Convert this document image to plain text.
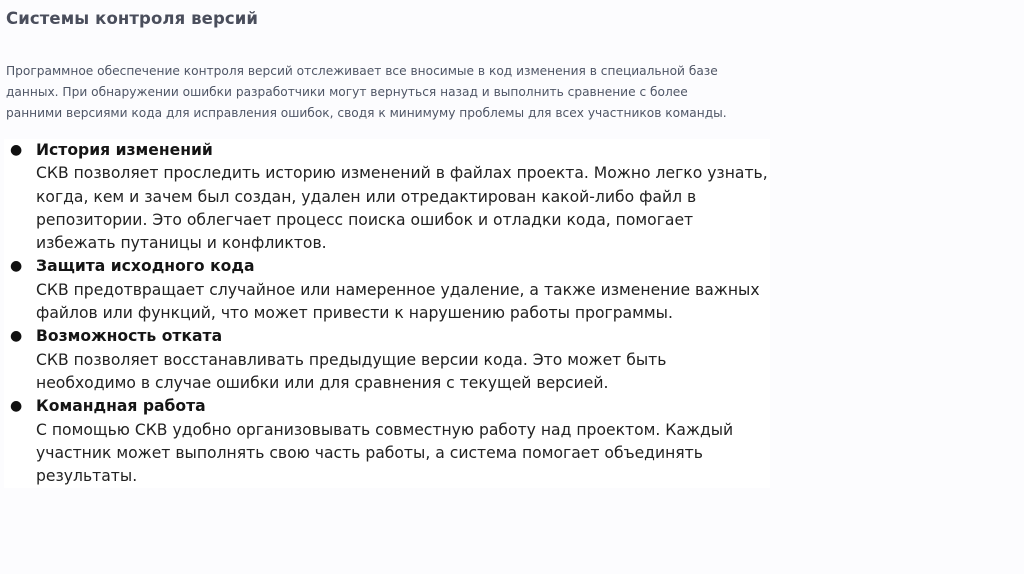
Системы контроля версий

Программное обеспечение контроля версий отслеживает все вносимые в код изменения в специальной базе данных. При обнаружении ошибки разработчики могут вернуться назад и выполнить сравнение с более ранними версиями кода для исправления ошибок, сводя к минимуму проблемы для всех участников команды.

● История изменений
СКВ позволяет проследить историю изменений в файлах проекта. Можно легко узнать, когда, кем и зачем был создан, удален или отредактирован какой-либо файл в репозитории. Это облегчает процесс поиска ошибок и отладки кода, помогает избежать путаницы и конфликтов.
● Защита исходного кода
СКВ предотвращает случайное или намеренное удаление, а также изменение важных файлов или функций, что может привести к нарушению работы программы.
● Возможность отката
СКВ позволяет восстанавливать предыдущие версии кода. Это может быть необходимо в случае ошибки или для сравнения с текущей версией.
● Командная работа
С помощью СКВ удобно организовывать совместную работу над проектом. Каждый участник может выполнять свою часть работы, а система помогает объединять результаты.
